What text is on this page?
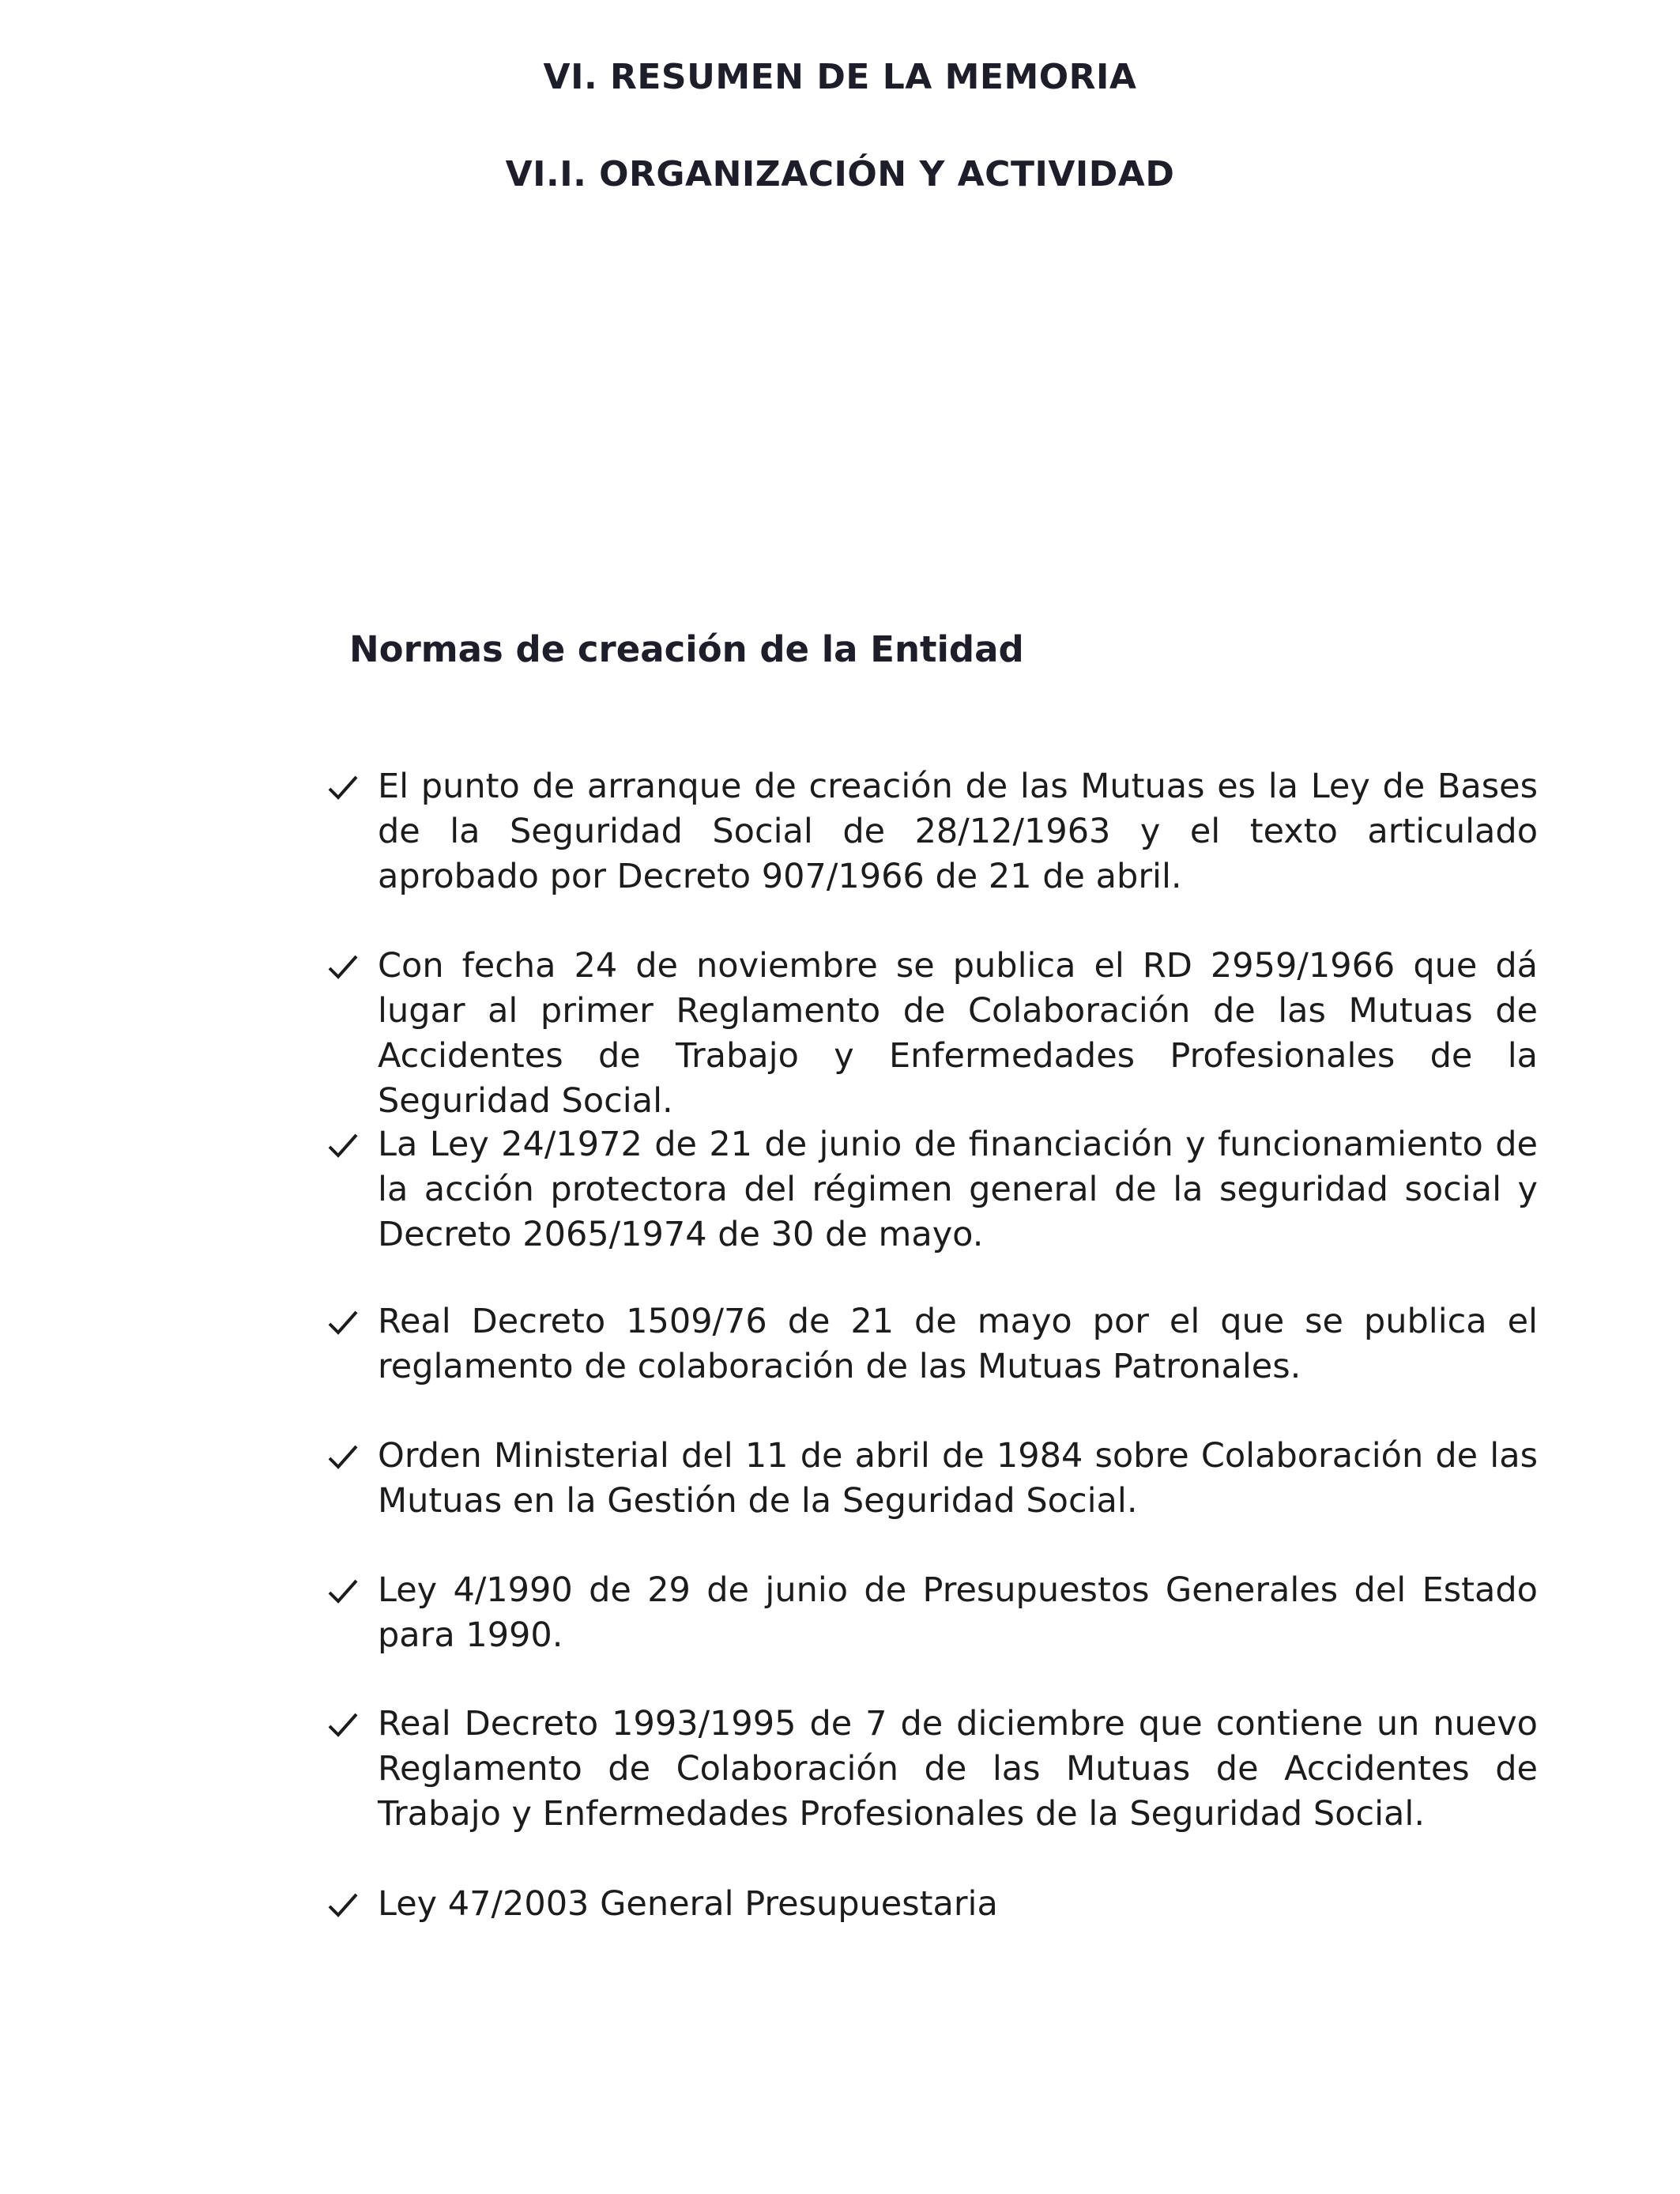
VI. RESUMEN DE LA MEMORIA
VI.I. ORGANIZACIÓN Y ACTIVIDAD
Normas de creación de la Entidad
El punto de arranque de creación de las Mutuas es la Ley de Bases de la Seguridad Social de 28/12/1963 y el texto articulado aprobado por Decreto 907/1966 de 21 de abril.
Con fecha 24 de noviembre se publica el RD 2959/1966 que dá lugar al primer Reglamento de Colaboración de las Mutuas de Accidentes de Trabajo y Enfermedades Profesionales de la Seguridad Social.
La Ley 24/1972 de 21 de junio de financiación y funcionamiento de la acción protectora del régimen general de la seguridad social y Decreto 2065/1974 de 30 de mayo.
Real Decreto 1509/76 de 21 de mayo por el que se publica el reglamento de colaboración de las Mutuas Patronales.
Orden Ministerial del 11 de abril de 1984 sobre Colaboración de las Mutuas en la Gestión de la Seguridad Social.
Ley 4/1990 de 29 de junio de Presupuestos Generales del Estado para 1990.
Real Decreto 1993/1995 de 7 de diciembre que contiene un nuevo Reglamento de Colaboración de las Mutuas de Accidentes de Trabajo y Enfermedades Profesionales de la Seguridad Social.
Ley 47/2003 General Presupuestaria
